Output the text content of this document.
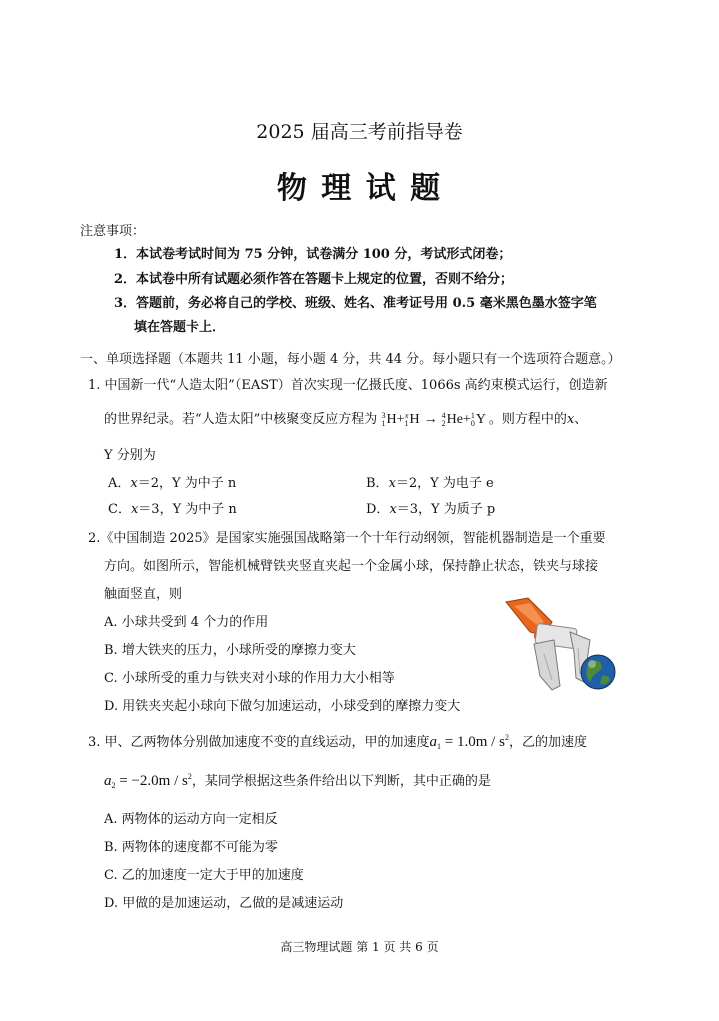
2025 届高三考前指导卷
物 理 试 题
注意事项：
1．本试卷考试时间为 75 分钟，试卷满分 100 分，考试形式闭卷；
2．本试卷中所有试题必须作答在答题卡上规定的位置，否则不给分；
3．答题前，务必将自己的学校、班级、姓名、准考证号用 0.5 毫米黑色墨水签字笔
填在答题卡上．
一、单项选择题（本题共 11 小题，每小题 4 分，共 44 分。每小题只有一个选项符合题意。）
1. 中国新一代“人造太阳”（EAST）首次实现一亿摄氏度、1066s 高约束模式运行，创造新
的世界纪录。若“人造太阳”中核聚变反应方程为 3
1 H+ x
1 H → 4
2 He+ 1
0 Y 。则方程中的x、
Y 分别为
A．x＝2，Y 为中子 n	B．x＝2，Y 为电子 e
C．x＝3，Y 为中子 n	D．x＝3，Y 为质子 p
2.《中国制造 2025》是国家实施强国战略第一个十年行动纲领，智能机器制造是一个重要
方向。如图所示，智能机械臂铁夹竖直夹起一个金属小球，保持静止状态，铁夹与球接
触面竖直，则
A. 小球共受到 4 个力的作用
B. 增大铁夹的压力，小球所受的摩擦力变大
C. 小球所受的重力与铁夹对小球的作用力大小相等
D. 用铁夹夹起小球向下做匀加速运动，小球受到的摩擦力变大
3. 甲、乙两物体分别做加速度不变的直线运动，甲的加速度$a_1 = 1.0m / s^2$，乙的加速度
$a_2 = -2.0m / s^2$，某同学根据这些条件给出以下判断，其中正确的是
A. 两物体的运动方向一定相反
B. 两物体的速度都不可能为零
C. 乙的加速度一定大于甲的加速度
D. 甲做的是加速运动，乙做的是减速运动
高三物理试题 第 1 页 共 6 页
